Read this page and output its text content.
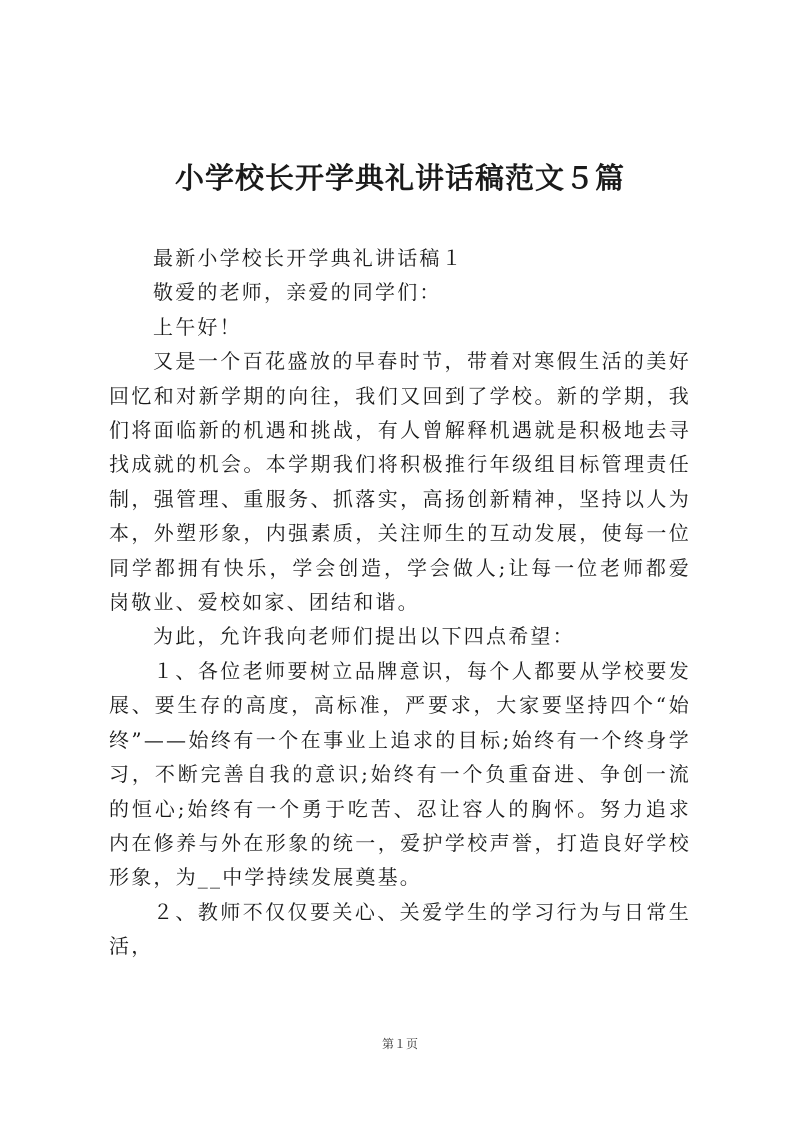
小学校长开学典礼讲话稿范文５篇

最新小学校长开学典礼讲话稿１

敬爱的老师，亲爱的同学们：

上午好！

又是一个百花盛放的早春时节，带着对寒假生活的美好回忆和对新学期的向往，我们又回到了学校。新的学期，我们将面临新的机遇和挑战，有人曾解释机遇就是积极地去寻找成就的机会。本学期我们将积极推行年级组目标管理责任制，强管理、重服务、抓落实，高扬创新精神，坚持以人为本，外塑形象，内强素质，关注师生的互动发展，使每一位同学都拥有快乐，学会创造，学会做人;让每一位老师都爱岗敬业、爱校如家、团结和谐。

为此，允许我向老师们提出以下四点希望：

１、各位老师要树立品牌意识，每个人都要从学校要发展、要生存的高度，高标准，严要求，大家要坚持四个“始终”——始终有一个在事业上追求的目标;始终有一个终身学习，不断完善自我的意识;始终有一个负重奋进、争创一流的恒心;始终有一个勇于吃苦、忍让容人的胸怀。努力追求内在修养与外在形象的统一，爱护学校声誉，打造良好学校形象，为__中学持续发展奠基。

２、教师不仅仅要关心、关爱学生的学习行为与日常生活，

第１页
